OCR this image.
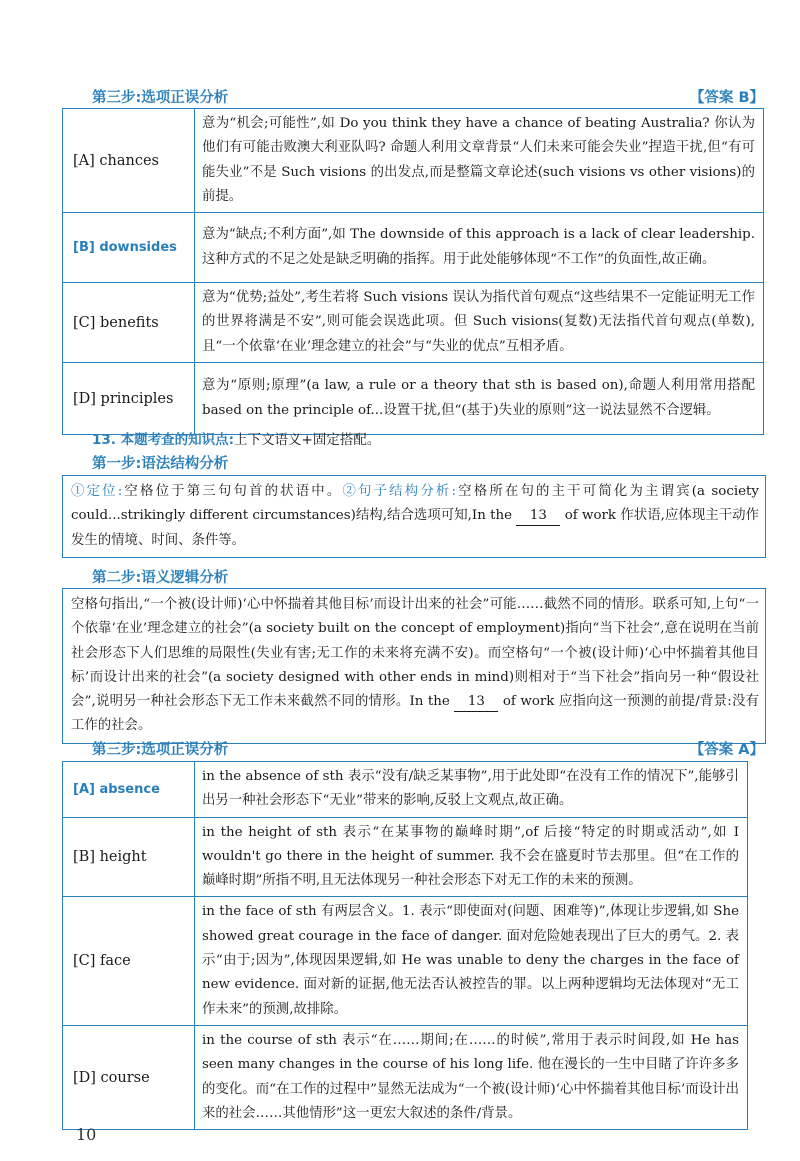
第三步:选项正误分析	【答案 B】
[A] chances	意为“机会;可能性”,如 Do you think they have a chance of beating Australia? 你认为他们有可能击败澳大利亚队吗? 命题人利用文章背景“人们未来可能会失业”捏造干扰,但“有可能失业”不是 Such visions 的出发点,而是整篇文章论述(such visions vs other visions)的前提。
[B] downsides	意为“缺点;不利方面”,如 The downside of this approach is a lack of clear leadership. 这种方式的不足之处是缺乏明确的指挥。用于此处能够体现“不工作”的负面性,故正确。
[C] benefits	意为“优势;益处”,考生若将 Such visions 误认为指代首句观点“这些结果不一定能证明无工作的世界将满是不安”,则可能会误选此项。但 Such visions(复数)无法指代首句观点(单数),且“一个依靠‘在业’理念建立的社会”与“失业的优点”互相矛盾。
[D] principles	意为“原则;原理”(a law, a rule or a theory that sth is based on),命题人利用常用搭配 based on the principle of...设置干扰,但“(基于)失业的原则”这一说法显然不合逻辑。
13. 本题考查的知识点:上下文语义+固定搭配。
第一步:语法结构分析
①定位:空格位于第三句句首的状语中。②句子结构分析:空格所在句的主干可简化为主谓宾(a society could...strikingly different circumstances)结构,结合选项可知,In the 13 of work 作状语,应体现主干动作发生的情境、时间、条件等。
第二步:语义逻辑分析
空格句指出,“一个被(设计师)‘心中怀揣着其他目标’而设计出来的社会”可能……截然不同的情形。联系可知,上句“一个依靠‘在业’理念建立的社会”(a society built on the concept of employment)指向“当下社会”,意在说明在当前社会形态下人们思维的局限性(失业有害;无工作的未来将充满不安)。而空格句“一个被(设计师)‘心中怀揣着其他目标’而设计出来的社会”(a society designed with other ends in mind)则相对于“当下社会”指向另一种“假设社会”,说明另一种社会形态下无工作未来截然不同的情形。In the 13 of work 应指向这一预测的前提/背景:没有工作的社会。
第三步:选项正误分析	【答案 A】
[A] absence	in the absence of sth 表示“没有/缺乏某事物”,用于此处即“在没有工作的情况下”,能够引出另一种社会形态下“无业”带来的影响,反驳上文观点,故正确。
[B] height	in the height of sth 表示“在某事物的巅峰时期”,of 后接“特定的时期或活动”,如 I wouldn't go there in the height of summer. 我不会在盛夏时节去那里。但“在工作的巅峰时期”所指不明,且无法体现另一种社会形态下对无工作的未来的预测。
[C] face	in the face of sth 有两层含义。1. 表示“即使面对(问题、困难等)”,体现让步逻辑,如 She showed great courage in the face of danger. 面对危险她表现出了巨大的勇气。2. 表示“由于;因为”,体现因果逻辑,如 He was unable to deny the charges in the face of new evidence. 面对新的证据,他无法否认被控告的罪。以上两种逻辑均无法体现对“无工作未来”的预测,故排除。
[D] course	in the course of sth 表示“在……期间;在……的时候”,常用于表示时间段,如 He has seen many changes in the course of his long life. 他在漫长的一生中目睹了许许多多的变化。而“在工作的过程中”显然无法成为“一个被(设计师)‘心中怀揣着其他目标’而设计出来的社会……其他情形”这一更宏大叙述的条件/背景。
10
